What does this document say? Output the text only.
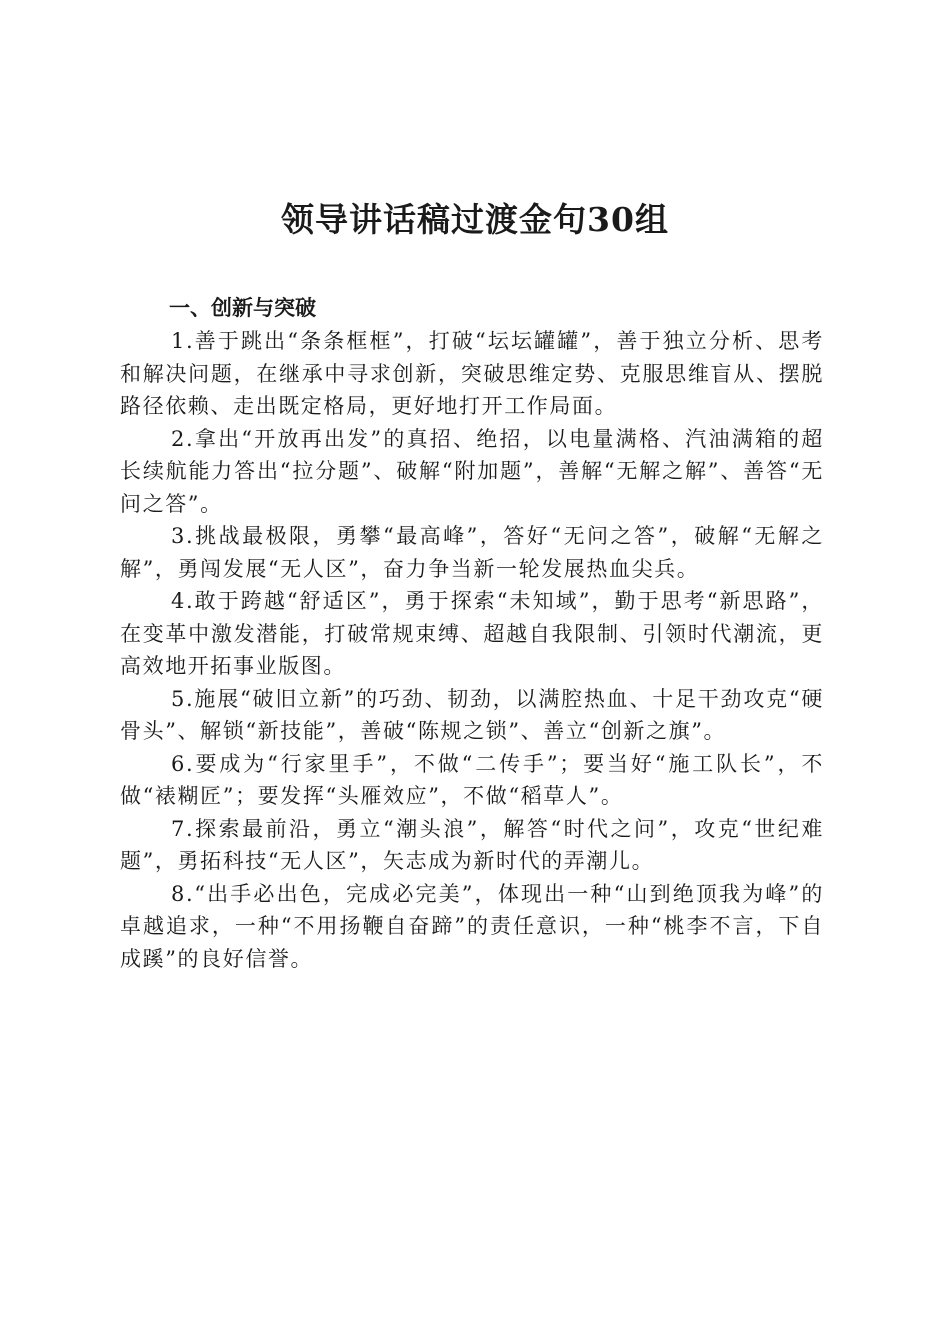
领导讲话稿过渡金句30组

一、创新与突破

1.善于跳出“条条框框”，打破“坛坛罐罐”，善于独立分析、思考和解决问题，在继承中寻求创新，突破思维定势、克服思维盲从、摆脱路径依赖、走出既定格局，更好地打开工作局面。

2.拿出“开放再出发”的真招、绝招，以电量满格、汽油满箱的超长续航能力答出“拉分题”、破解“附加题”，善解“无解之解”、善答“无问之答”。

3.挑战最极限，勇攀“最高峰”，答好“无问之答”，破解“无解之解”，勇闯发展“无人区”，奋力争当新一轮发展热血尖兵。

4.敢于跨越“舒适区”，勇于探索“未知域”，勤于思考“新思路”，在变革中激发潜能，打破常规束缚、超越自我限制、引领时代潮流，更高效地开拓事业版图。

5.施展“破旧立新”的巧劲、韧劲，以满腔热血、十足干劲攻克“硬骨头”、解锁“新技能”，善破“陈规之锁”、善立“创新之旗”。

6.要成为“行家里手”，不做“二传手”；要当好“施工队长”，不做“裱糊匠”；要发挥“头雁效应”，不做“稻草人”。

7.探索最前沿，勇立“潮头浪”，解答“时代之问”，攻克“世纪难题”，勇拓科技“无人区”，矢志成为新时代的弄潮儿。

8.“出手必出色，完成必完美”，体现出一种“山到绝顶我为峰”的卓越追求，一种“不用扬鞭自奋蹄”的责任意识，一种“桃李不言，下自成蹊”的良好信誉。
